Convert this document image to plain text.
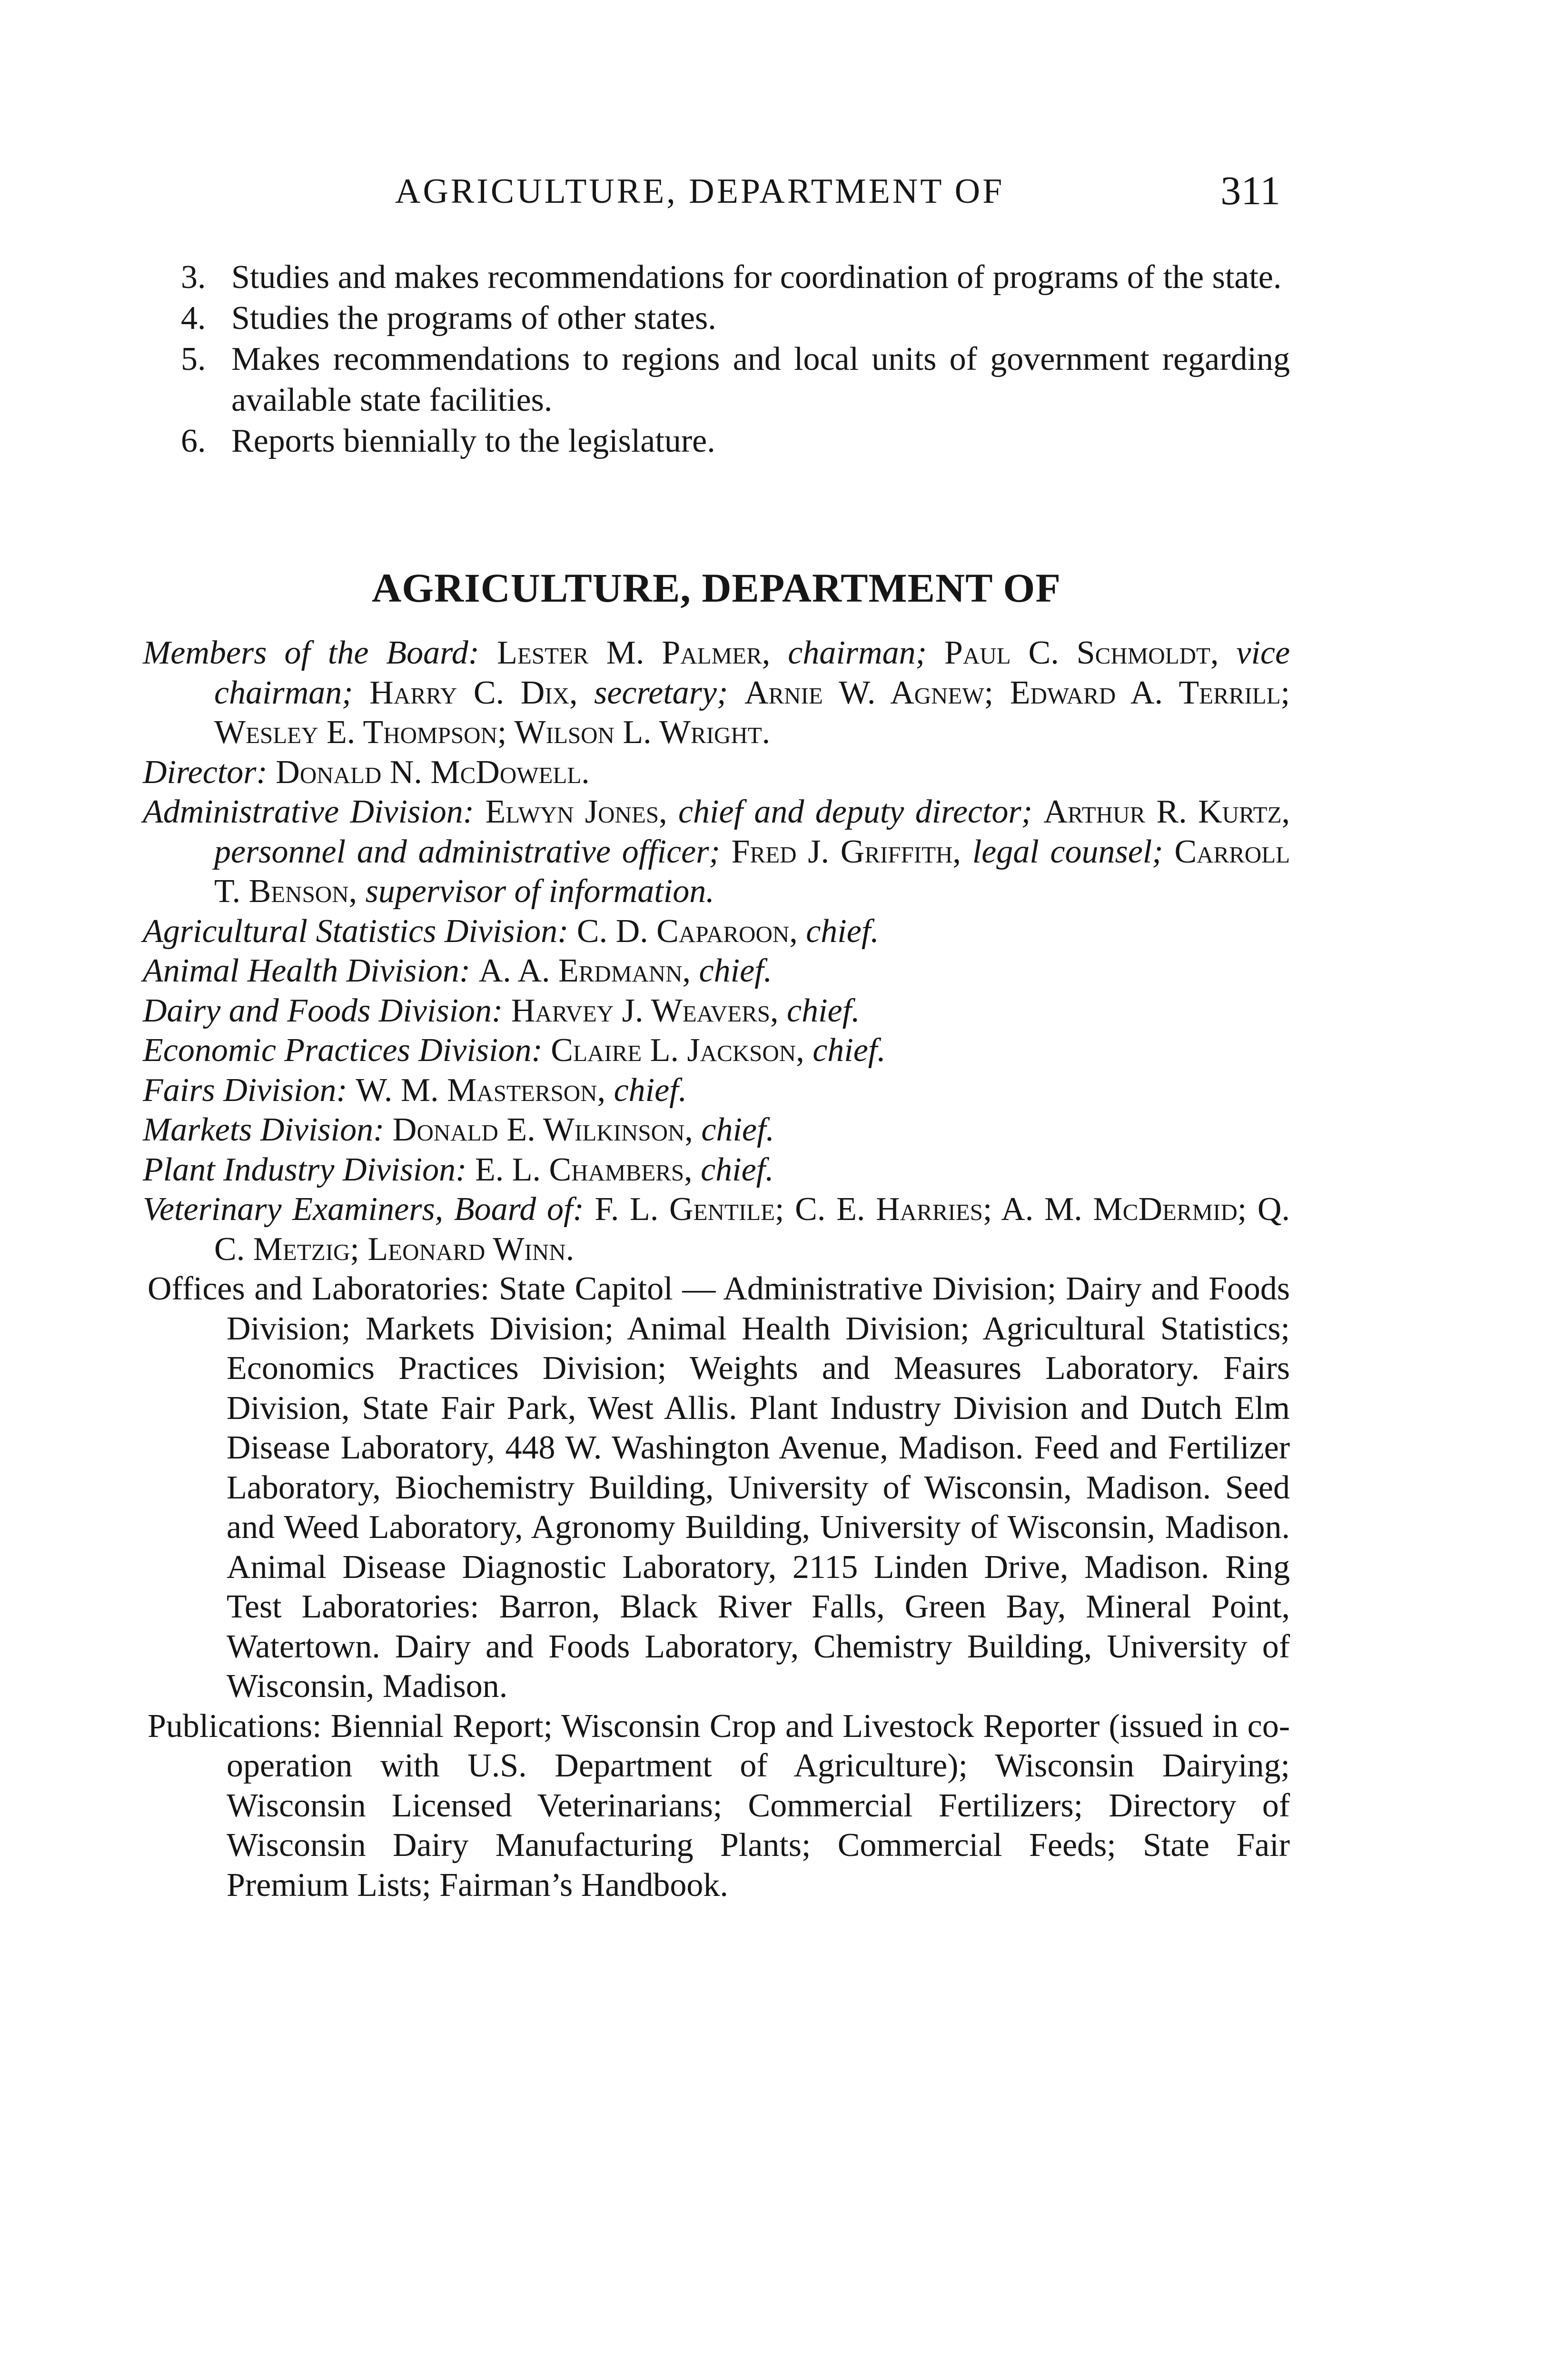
AGRICULTURE, DEPARTMENT OF	311
3. Studies and makes recommendations for coordination of programs of the state.
4. Studies the programs of other states.
5. Makes recommendations to regions and local units of government regarding available state facilities.
6. Reports biennially to the legislature.
AGRICULTURE, DEPARTMENT OF

Members of the Board: Lester M. Palmer, chairman; Paul C. Schmoldt, vice chairman; Harry C. Dix, secretary; Arnie W. Agnew; Edward A. Terrill; Wesley E. Thompson; Wilson L. Wright.

Director: Donald N. McDowell.

Administrative Division: Elwyn Jones, chief and deputy director; Arthur R. Kurtz, personnel and administrative officer; Fred J. Griffith, legal counsel; Carroll T. Benson, supervisor of information.

Agricultural Statistics Division: C. D. Caparoon, chief.

Animal Health Division: A. A. Erdmann, chief.

Dairy and Foods Division: Harvey J. Weavers, chief.

Economic Practices Division: Claire L. Jackson, chief.

Fairs Division: W. M. Masterson, chief.

Markets Division: Donald E. Wilkinson, chief.

Plant Industry Division: E. L. Chambers, chief.

Veterinary Examiners, Board of: F. L. Gentile; C. E. Harries; A. M. McDermid; Q. C. Metzig; Leonard Winn.

Offices and Laboratories: State Capitol — Administrative Division; Dairy and Foods Division; Markets Division; Animal Health Division; Agricultural Statistics; Economics Practices Division; Weights and Measures Laboratory. Fairs Division, State Fair Park, West Allis. Plant Industry Division and Dutch Elm Disease Laboratory, 448 W. Washington Avenue, Madison. Feed and Fertilizer Laboratory, Biochemistry Building, University of Wisconsin, Madison. Seed and Weed Laboratory, Agronomy Building, University of Wisconsin, Madison. Animal Disease Diagnostic Laboratory, 2115 Linden Drive, Madison. Ring Test Laboratories: Barron, Black River Falls, Green Bay, Mineral Point, Watertown. Dairy and Foods Laboratory, Chemistry Building, University of Wisconsin, Madison.

Publications: Biennial Report; Wisconsin Crop and Livestock Reporter (issued in co-operation with U.S. Department of Agriculture); Wisconsin Dairying; Wisconsin Licensed Veterinarians; Commercial Fertilizers; Directory of Wisconsin Dairy Manufacturing Plants; Commercial Feeds; State Fair Premium Lists; Fairman’s Handbook.
